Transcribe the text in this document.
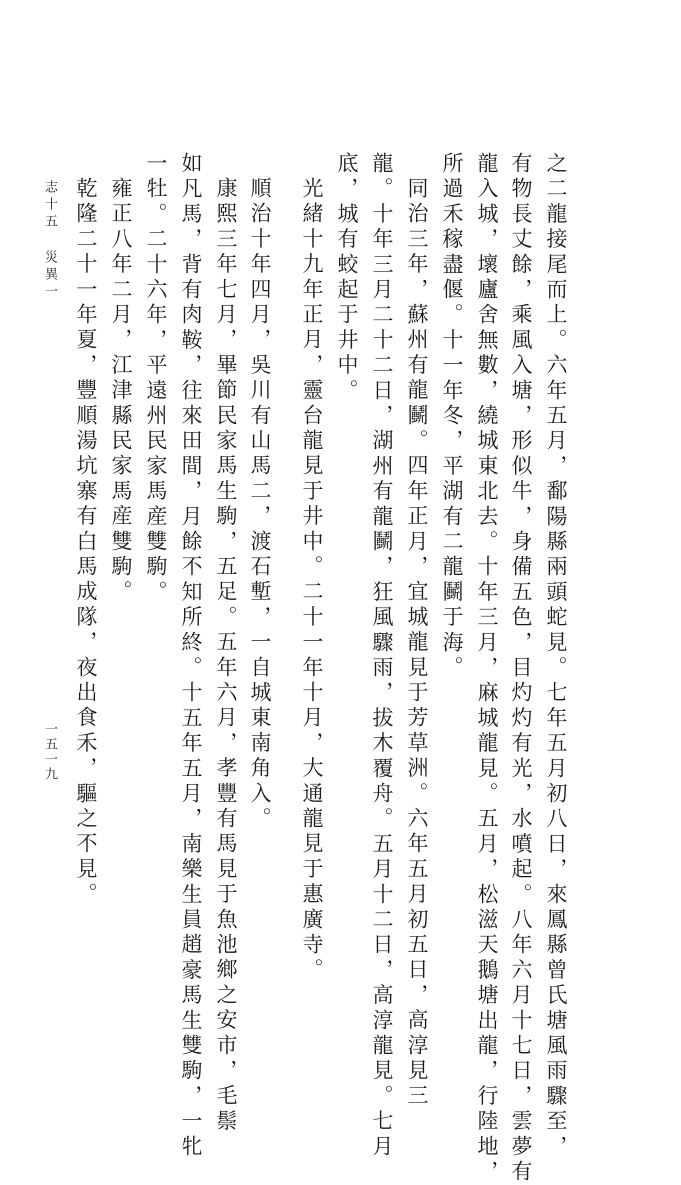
之二龍接尾而上。六年五月，鄱陽縣兩頭蛇見。七年五月初八日，來鳳縣曾氏塘風雨驟至，
有物長丈餘，乘風入塘，形似牛，身備五色，目灼灼有光，水噴起。八年六月十七日，雲夢有
龍入城，壞廬舍無數，繞城東北去。十年三月，麻城龍見。五月，松滋天鵝塘出龍，行陸地，
所過禾稼盡偃。十一年冬，平湖有二龍鬭于海。
同治三年，蘇州有龍鬭。四年正月，宜城龍見于芳草洲。六年五月初五日，高淳見三
龍。十年三月二十二日，湖州有龍鬭，狂風驟雨，拔木覆舟。五月十二日，高淳龍見。七月
底，城有蛟起于井中。
光緒十九年正月，靈台龍見于井中。二十一年十月，大通龍見于惠廣寺。
順治十年四月，吳川有山馬二，渡石塹，一自城東南角入。
康熙三年七月，畢節民家馬生駒，五足。五年六月，孝豐有馬見于魚池鄉之安市，毛鬃
如凡馬，背有肉鞍，往來田間，月餘不知所終。十五年五月，南樂生員趙豪馬生雙駒，一牝
一牡。二十六年，平遠州民家馬産雙駒。
雍正八年二月，江津縣民家馬産雙駒。
乾隆二十一年夏，豐順湯坑寨有白馬成隊，夜出食禾，驅之不見。
志十五
災異一
一五一九
